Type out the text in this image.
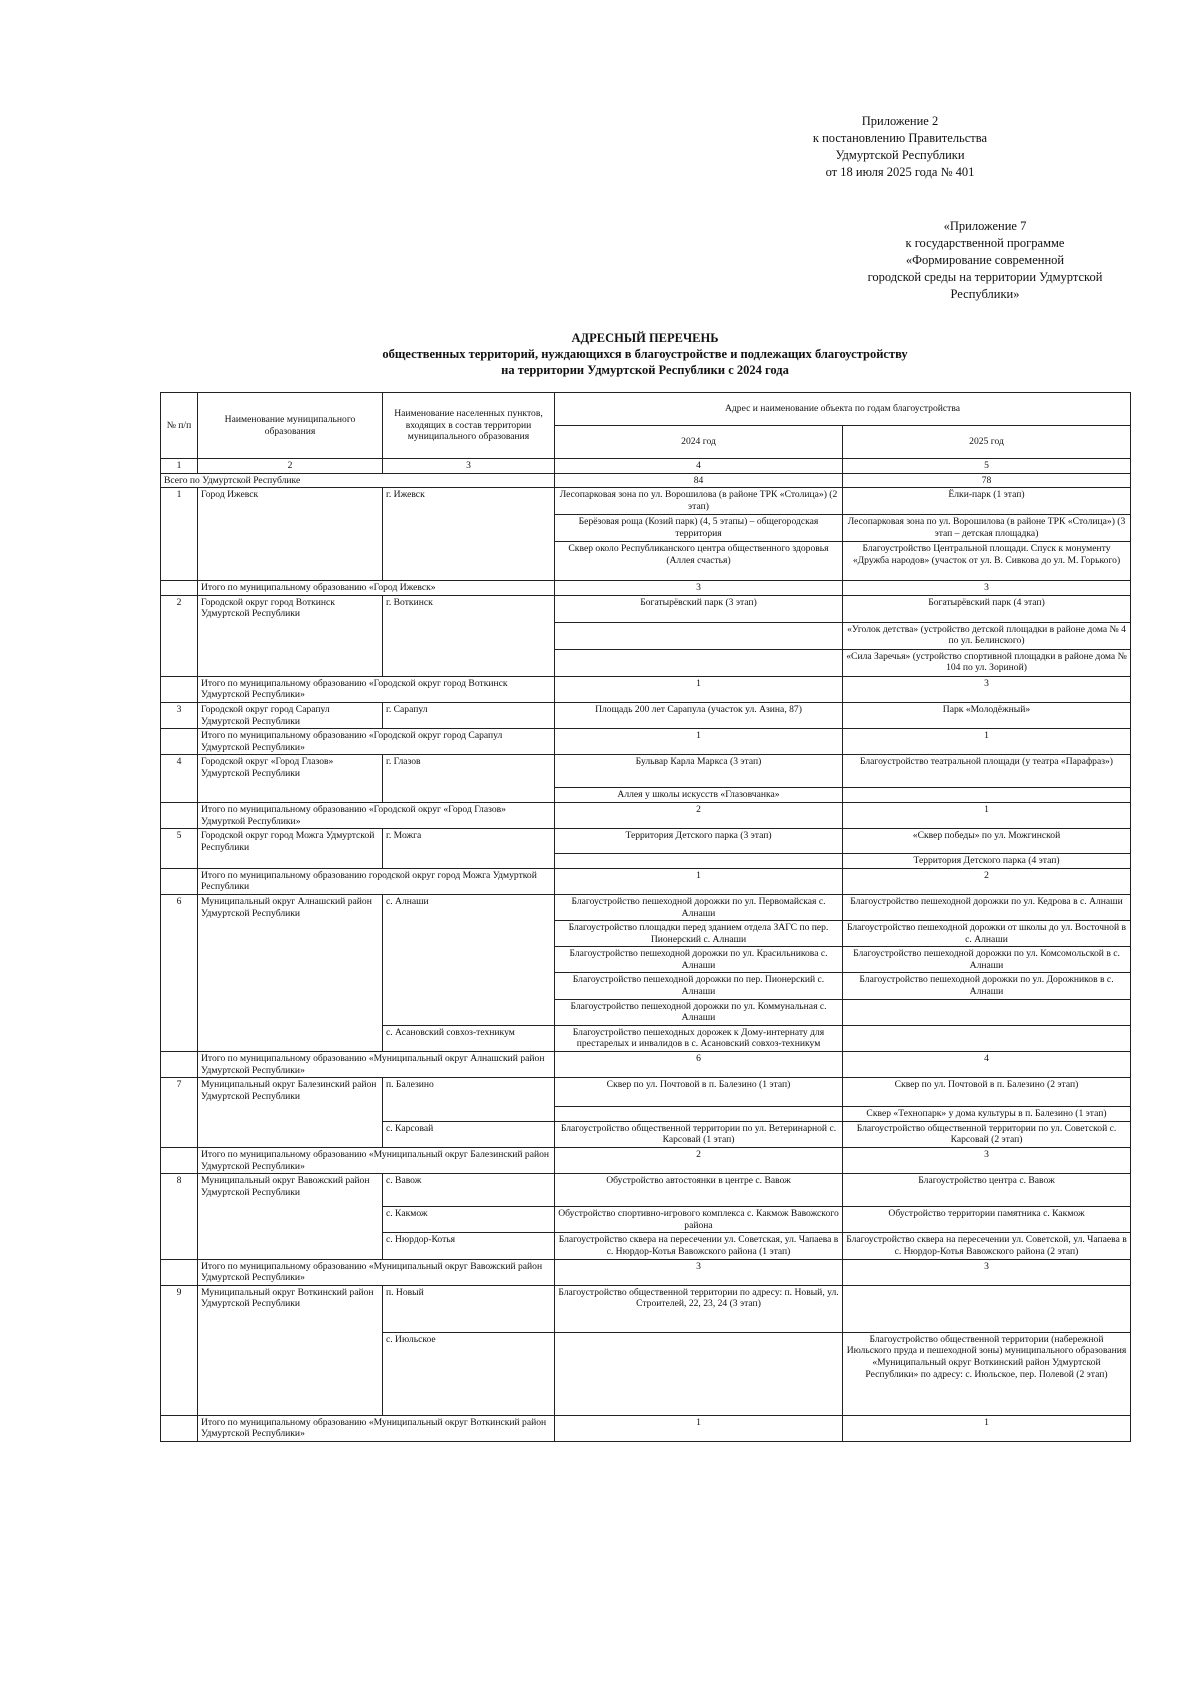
Приложение 2
к постановлению Правительства
Удмуртской Республики
от 18 июля 2025 года № 401
«Приложение 7
к государственной программе
«Формирование современной
городской среды на территории Удмуртской
Республики»
АДРЕСНЫЙ ПЕРЕЧЕНЬ
общественных территорий, нуждающихся в благоустройстве и подлежащих благоустройству
на территории Удмуртской Республики с 2024 года
№ п/п	Наименование муниципального образования	Наименование населенных пунктов, входящих в состав территории муниципального образования	Адрес и наименование объекта по годам благоустройства	
			2024 год	2025 год
1	2	3	4	5
Всего по Удмуртской Республике			84	78
1	Город Ижевск	г. Ижевск	Лесопарковая зона по ул. Ворошилова (в районе ТРК «Столица») (2 этап)	Ёлки-парк (1 этап)
			Берёзовая роща (Козий парк) (4, 5 этапы) – общегородская территория	Лесопарковая зона по ул. Ворошилова (в районе ТРК «Столица») (3 этап – детская площадка)
			Сквер около Республиканского центра общественного здоровья (Аллея счастья)	Благоустройство Центральной площади. Спуск к монументу «Дружба народов» (участок от ул. В. Сивкова до ул. М. Горького)
	Итого по муниципальному образованию «Город Ижевск»		3	3
2	Городской округ город Воткинск Удмуртской Республики	г. Воткинск	Богатырёвский парк (3 этап)	Богатырёвский парк (4 этап)
				«Уголок детства» (устройство детской площадки в районе дома № 4 по ул. Белинского)
				«Сила Заречья» (устройство спортивной площадки в районе дома № 104 по ул. Зориной)
	Итого по муниципальному образованию «Городской округ город Воткинск Удмуртской Республики»		1	3
3	Городской округ город Сарапул Удмуртской Республики	г. Сарапул	Площадь 200 лет Сарапула (участок ул. Азина, 87)	Парк «Молодёжный»
	Итого по муниципальному образованию «Городской округ город Сарапул Удмуртской Республики»		1	1
4	Городской округ «Город Глазов» Удмуртской Республики	г. Глазов	Бульвар Карла Маркса (3 этап)	Благоустройство театральной площади (у театра «Парафраз»)
			Аллея у школы искусств «Глазовчанка»	
	Итого по муниципальному образованию «Городской округ «Город Глазов» Удмурткой Республики»		2	1
5	Городской округ город Можга Удмуртской Республики	г. Можга	Территория Детского парка (3 этап)	«Сквер победы» по ул. Можгинской
				Территория Детского парка (4 этап)
	Итого по муниципальному образованию городской округ город Можга Удмурткой Республики		1	2
6	Муниципальный округ Алнашский район Удмуртской Республики	с. Алнаши	Благоустройство пешеходной дорожки по ул. Первомайская с. Алнаши	Благоустройство пешеходной дорожки по ул. Кедрова в с. Алнаши
			Благоустройство площадки перед зданием отдела ЗАГС по пер. Пионерский с. Алнаши	Благоустройство пешеходной дорожки от школы до ул. Восточной в с. Алнаши
			Благоустройство пешеходной дорожки по ул. Красильникова с. Алнаши	Благоустройство пешеходной дорожки по ул. Комсомольской в с. Алнаши
			Благоустройство пешеходной дорожки по пер. Пионерский с. Алнаши	Благоустройство пешеходной дорожки по ул. Дорожников в с. Алнаши
			Благоустройство пешеходной дорожки по ул. Коммунальная с. Алнаши	
		с. Асановский совхоз-техникум	Благоустройство пешеходных дорожек к Дому-интернату для престарелых и инвалидов в с. Асановский совхоз-техникум	
	Итого по муниципальному образованию «Муниципальный округ Алнашский район Удмуртской Республики»		6	4
7	Муниципальный округ Балезинский район Удмуртской Республики	п. Балезино	Сквер по ул. Почтовой в п. Балезино (1 этап)	Сквер по ул. Почтовой в п. Балезино (2 этап)
				Сквер «Технопарк» у дома культуры в п. Балезино (1 этап)
		с. Карсовай	Благоустройство общественной территории по ул. Ветеринарной с. Карсовай (1 этап)	Благоустройство общественной территории по ул. Советской с. Карсовай (2 этап)
	Итого по муниципальному образованию «Муниципальный округ Балезинский район Удмуртской Республики»		2	3
8	Муниципальный округ Вавожский район Удмуртской Республики	с. Вавож	Обустройство автостоянки в центре с. Вавож	Благоустройство центра с. Вавож
		с. Какмож	Обустройство спортивно-игрового комплекса с. Какмож Вавожского района	Обустройство территории памятника с. Какмож
		с. Нюрдор-Котья	Благоустройство сквера на пересечении ул. Советская, ул. Чапаева в с. Нюрдор-Котья Вавожского района (1 этап)	Благоустройство сквера на пересечении ул. Советской, ул. Чапаева в с. Нюрдор-Котья Вавожского района (2 этап)
	Итого по муниципальному образованию «Муниципальный округ Вавожский район Удмуртской Республики»		3	3
9	Муниципальный округ Воткинский район Удмуртской Республики	п. Новый	Благоустройство общественной территории по адресу: п. Новый, ул. Строителей, 22, 23, 24 (3 этап)	
		с. Июльское		Благоустройство общественной территории (набережной Июльского пруда и пешеходной зоны) муниципального образования «Муниципальный округ Воткинский район Удмуртской Республики» по адресу: с. Июльское, пер. Полевой (2 этап)
	Итого по муниципальному образованию «Муниципальный округ Воткинский район Удмуртской Республики»		1	1
